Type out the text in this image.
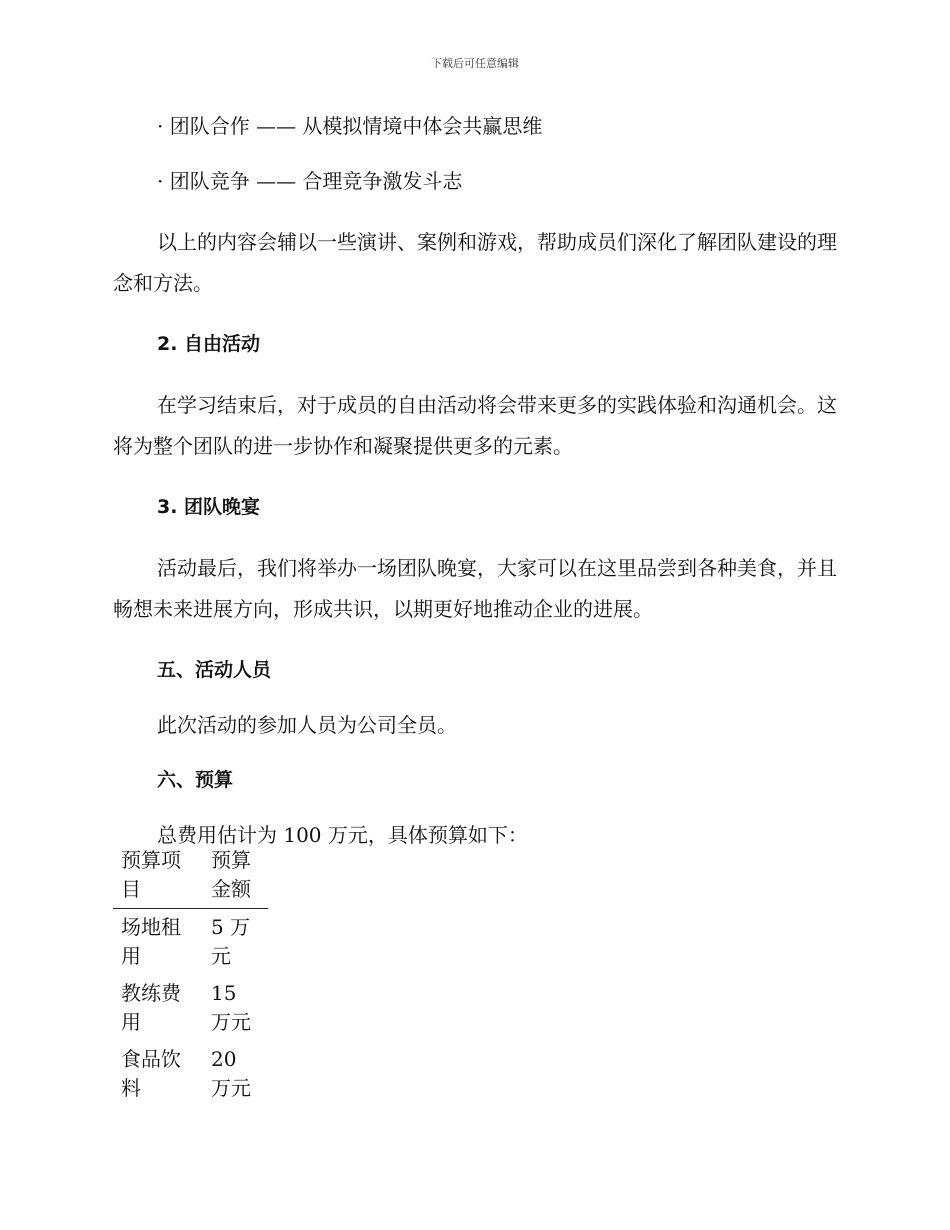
下载后可任意编辑

· 团队合作 —— 从模拟情境中体会共赢思维

· 团队竞争 —— 合理竞争激发斗志

以上的内容会辅以一些演讲、案例和游戏，帮助成员们深化了解团队建设的理念和方法。

2. 自由活动

在学习结束后，对于成员的自由活动将会带来更多的实践体验和沟通机会。这将为整个团队的进一步协作和凝聚提供更多的元素。

3. 团队晚宴

活动最后，我们将举办一场团队晚宴，大家可以在这里品尝到各种美食，并且畅想未来进展方向，形成共识，以期更好地推动企业的进展。

五、活动人员

此次活动的参加人员为公司全员。

六、预算

总费用估计为 100 万元，具体预算如下：

预算项目	预算金额
场地租用	5 万元
教练费用	15 万元
食品饮料	20 万元
